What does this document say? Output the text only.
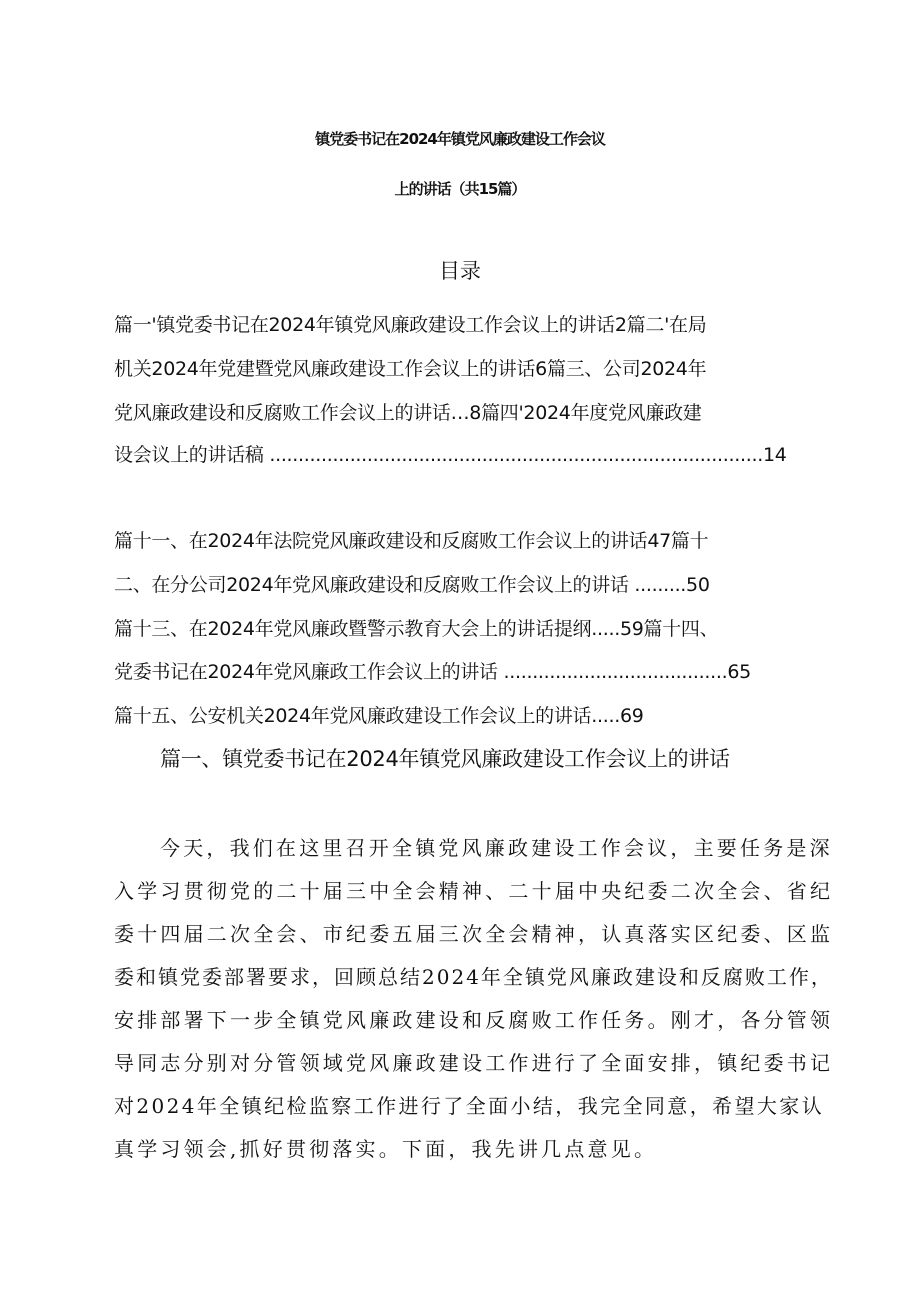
镇党委书记在2024年镇党风廉政建设工作会议
上的讲话（共15篇）
目录
篇一'镇党委书记在2024年镇党风廉政建设工作会议上的讲话2篇二'在局
机关2024年党建暨党风廉政建设工作会议上的讲话6篇三、公司2024年
党风廉政建设和反腐败工作会议上的讲话…8篇四'2024年度党风廉政建
设会议上的讲话稿 ......................................................................................14
篇十一、在2024年法院党风廉政建设和反腐败工作会议上的讲话47篇十
二、在分公司2024年党风廉政建设和反腐败工作会议上的讲话 .........50
篇十三、在2024年党风廉政暨警示教育大会上的讲话提纲.....59篇十四、
党委书记在2024年党风廉政工作会议上的讲话 .......................................65
篇十五、公安机关2024年党风廉政建设工作会议上的讲话.....69
篇一、镇党委书记在2024年镇党风廉政建设工作会议上的讲话
今天，我们在这里召开全镇党风廉政建设工作会议，主要任务是深
入学习贯彻党的二十届三中全会精神、二十届中央纪委二次全会、省纪
委十四届二次全会、市纪委五届三次全会精神，认真落实区纪委、区监
委和镇党委部署要求，回顾总结2024年全镇党风廉政建设和反腐败工作，
安排部署下一步全镇党风廉政建设和反腐败工作任务。刚才，各分管领
导同志分别对分管领域党风廉政建设工作进行了全面安排，镇纪委书记
对2024年全镇纪检监察工作进行了全面小结，我完全同意，希望大家认
真学习领会,抓好贯彻落实。下面，我先讲几点意见。
